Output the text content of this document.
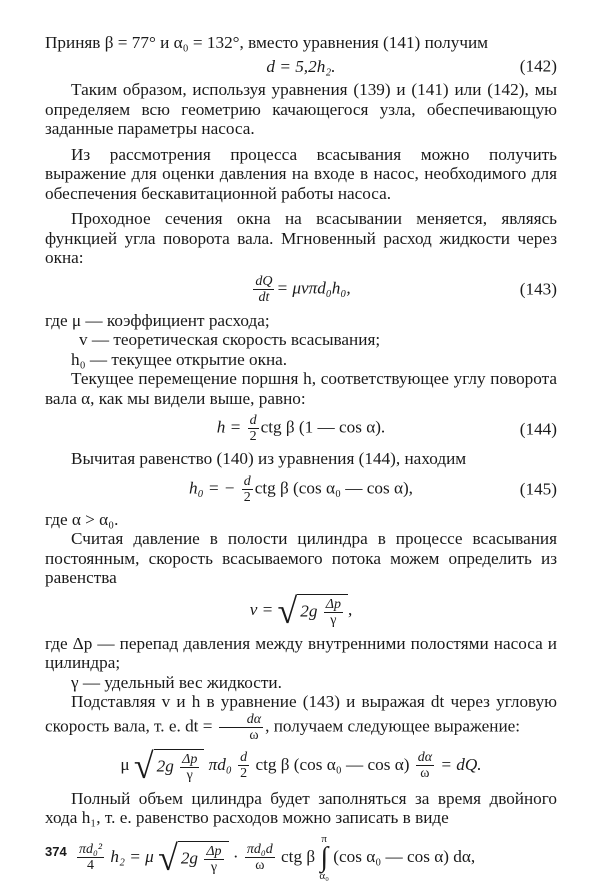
Приняв β = 77° и α₀ = 132°, вместо уравнения (141) получим

d = 5,2h₂.	(142)

Таким образом, используя уравнения (139) и (141) или (142), мы определяем всю геометрию качающегося узла, обеспечивающую заданные параметры насоса.

Из рассмотрения процесса всасывания можно получить выражение для оценки давления на входе в насос, необходимого для обеспечения бескавитационной работы насоса.

Проходное сечения окна на всасывании меняется, являясь функцией угла поворота вала. Мгновенный расход жидкости через окна:

$\frac{dQ}{dt} = \mu v\pi d_0h_0$,	(143)

где μ — коэффициент расхода;

v — теоретическая скорость всасывания;

h₀ — текущее открытие окна.

Текущее перемещение поршня h, соответствующее углу поворота вала α, как мы видели выше, равно:

$h = \frac{d}{2}$ ctg β (1 — cos α).	(144)

Вычитая равенство (140) из уравнения (144), находим

h₀ = − $\frac{d}{2}$ ctg β (cos α₀ — cos α),	(145)

где α > α₀.

Считая давление в полости цилиндра в процессе всасывания постоянным, скорость всасываемого потока можем определить из равенства

v = √ $2g \frac{\Delta p}{\gamma}$ ,

где Δp — перепад давления между внутренними полостями насоса и цилиндра;

γ — удельный вес жидкости.

Подставляя v и h в уравнение (143) и выражая dt через угловую скорость вала, т. е. dt = $\frac{d\alpha}{\omega}$ , получаем следующее выражение:

μ √ $2g \frac{\Delta p}{\gamma} \pi d_0 \frac{d}{2}$ ctg β (cos α₀ — $\cos \alpha) \frac{d\alpha}{\omega}$ = dQ.

Полный объем цилиндра будет заполняться за время двойного хода h₁, т. е. равенство расходов можно записать в виде

$\frac{\text{πd₀²}}{4} h_2 = \mu$ √ $2g \frac{\Delta p}{\gamma} \cdot \frac{\text{πd₀d}}{\omega}$ ctg β π
∫
α₀ (cos α₀ — cos α) dα,
374
